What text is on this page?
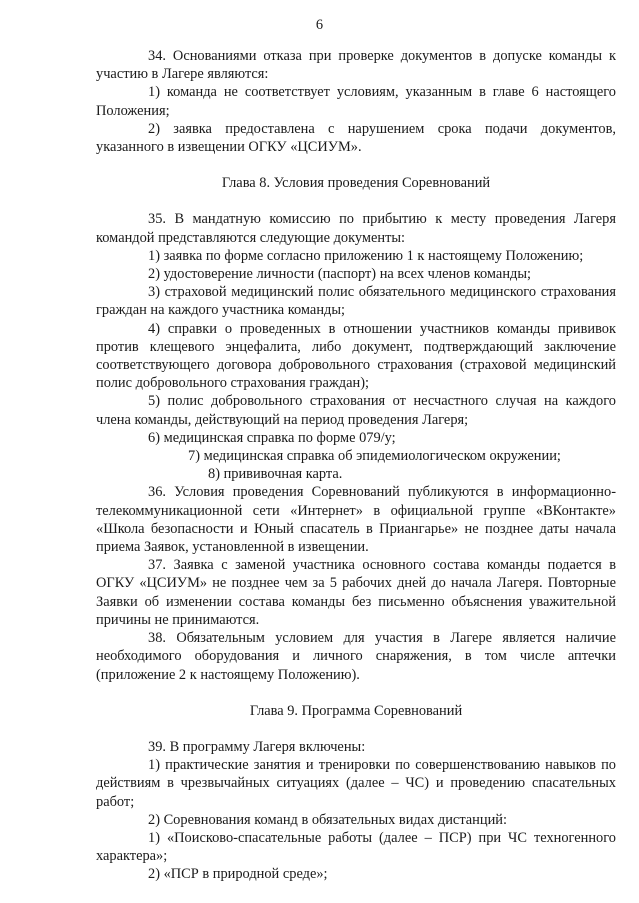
6

34. Основаниями отказа при проверке документов в допуске команды к участию в Лагере являются:

1) команда не соответствует условиям, указанным в главе 6 настоящего Положения;

2) заявка предоставлена с нарушением срока подачи документов, указанного в извещении ОГКУ «ЦСИУМ».

Глава 8. Условия проведения Соревнований

35. В мандатную комиссию по прибытию к месту проведения Лагеря командой представляются следующие документы:

1) заявка по форме согласно приложению 1 к настоящему Положению;

2) удостоверение личности (паспорт) на всех членов команды;

3) страховой медицинский полис обязательного медицинского страхования граждан на каждого участника команды;

4) справки о проведенных в отношении участников команды прививок против клещевого энцефалита, либо документ, подтверждающий заключение соответствующего договора добровольного страхования (страховой медицинский полис добровольного страхования граждан);

5) полис добровольного страхования от несчастного случая на каждого члена команды, действующий на период проведения Лагеря;

6) медицинская справка по форме 079/у;

7) медицинская справка об эпидемиологическом окружении;

8) прививочная карта.

36. Условия проведения Соревнований публикуются в информационно-телекоммуникационной сети «Интернет» в официальной группе «ВКонтакте» «Школа безопасности и Юный спасатель в Приангарье» не позднее даты начала приема Заявок, установленной в извещении.

37. Заявка с заменой участника основного состава команды подается в ОГКУ «ЦСИУМ» не позднее чем за 5 рабочих дней до начала Лагеря. Повторные Заявки об изменении состава команды без письменно объяснения уважительной причины не принимаются.

38. Обязательным условием для участия в Лагере является наличие необходимого оборудования и личного снаряжения, в том числе аптечки (приложение 2 к настоящему Положению).

Глава 9. Программа Соревнований

39. В программу Лагеря включены:

1) практические занятия и тренировки по совершенствованию навыков по действиям в чрезвычайных ситуациях (далее – ЧС) и проведению спасательных работ;

2) Соревнования команд в обязательных видах дистанций:

1) «Поисково-спасательные работы (далее – ПСР) при ЧС техногенного характера»;

2) «ПСР в природной среде»;
